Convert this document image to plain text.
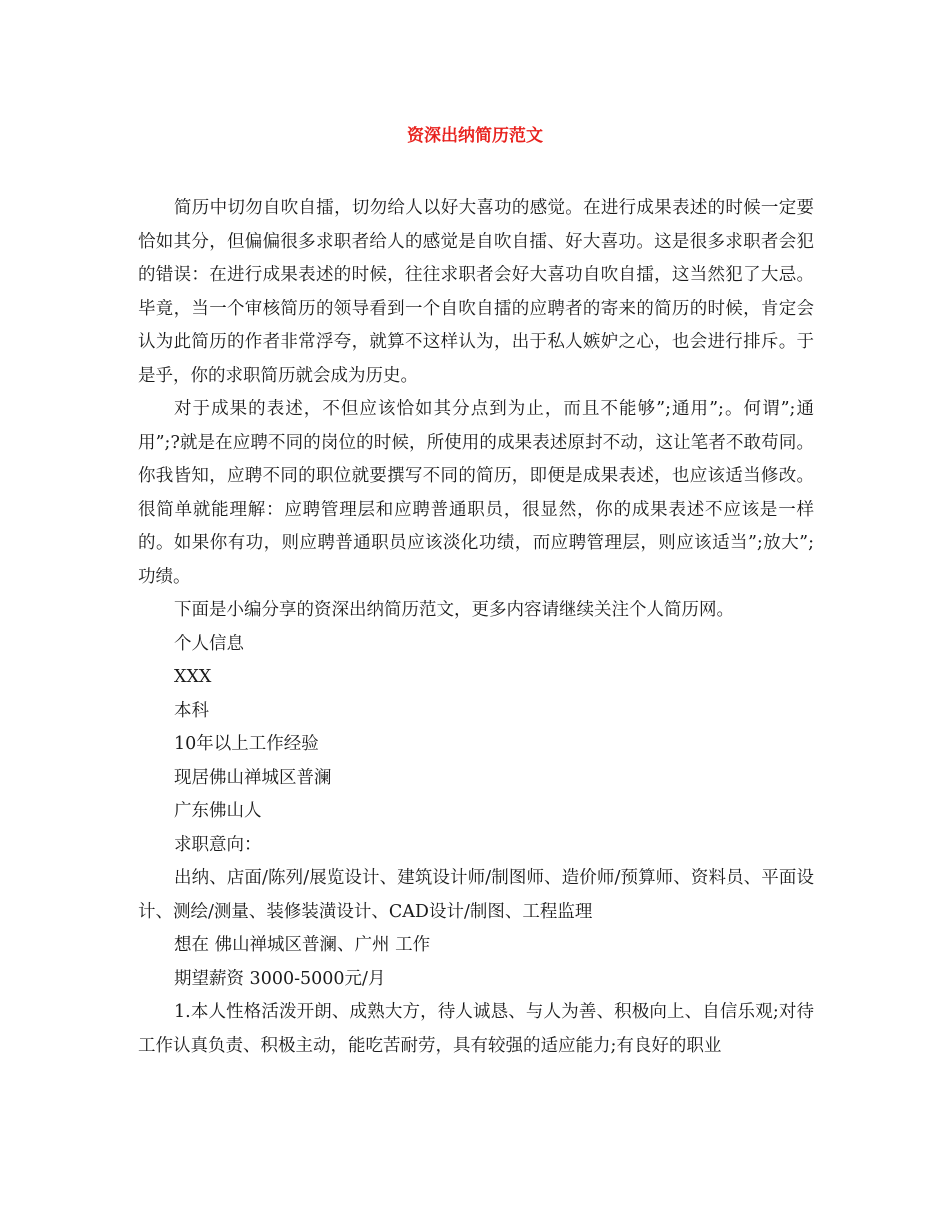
资深出纳简历范文

简历中切勿自吹自擂，切勿给人以好大喜功的感觉。在进行成果表述的时候一定要恰如其分，但偏偏很多求职者给人的感觉是自吹自擂、好大喜功。这是很多求职者会犯的错误：在进行成果表述的时候，往往求职者会好大喜功自吹自擂，这当然犯了大忌。毕竟，当一个审核简历的领导看到一个自吹自擂的应聘者的寄来的简历的时候，肯定会认为此简历的作者非常浮夸，就算不这样认为，出于私人嫉妒之心，也会进行排斥。于是乎，你的求职简历就会成为历史。

对于成果的表述，不但应该恰如其分点到为止，而且不能够”;通用”;。何谓”;通用”;?就是在应聘不同的岗位的时候，所使用的成果表述原封不动，这让笔者不敢苟同。你我皆知，应聘不同的职位就要撰写不同的简历，即便是成果表述，也应该适当修改。很简单就能理解：应聘管理层和应聘普通职员，很显然，你的成果表述不应该是一样的。如果你有功，则应聘普通职员应该淡化功绩，而应聘管理层，则应该适当”;放大”;功绩。

下面是小编分享的资深出纳简历范文，更多内容请继续关注个人简历网。

个人信息

XXX

本科

10年以上工作经验

现居佛山禅城区普澜

广东佛山人

求职意向：

出纳、店面/陈列/展览设计、建筑设计师/制图师、造价师/预算师、资料员、平面设计、测绘/测量、装修装潢设计、CAD设计/制图、工程监理

想在 佛山禅城区普澜、广州 工作

期望薪资 3000-5000元/月

1.本人性格活泼开朗、成熟大方，待人诚恳、与人为善、积极向上、自信乐观;对待工作认真负责、积极主动，能吃苦耐劳，具有较强的适应能力;有良好的职业
